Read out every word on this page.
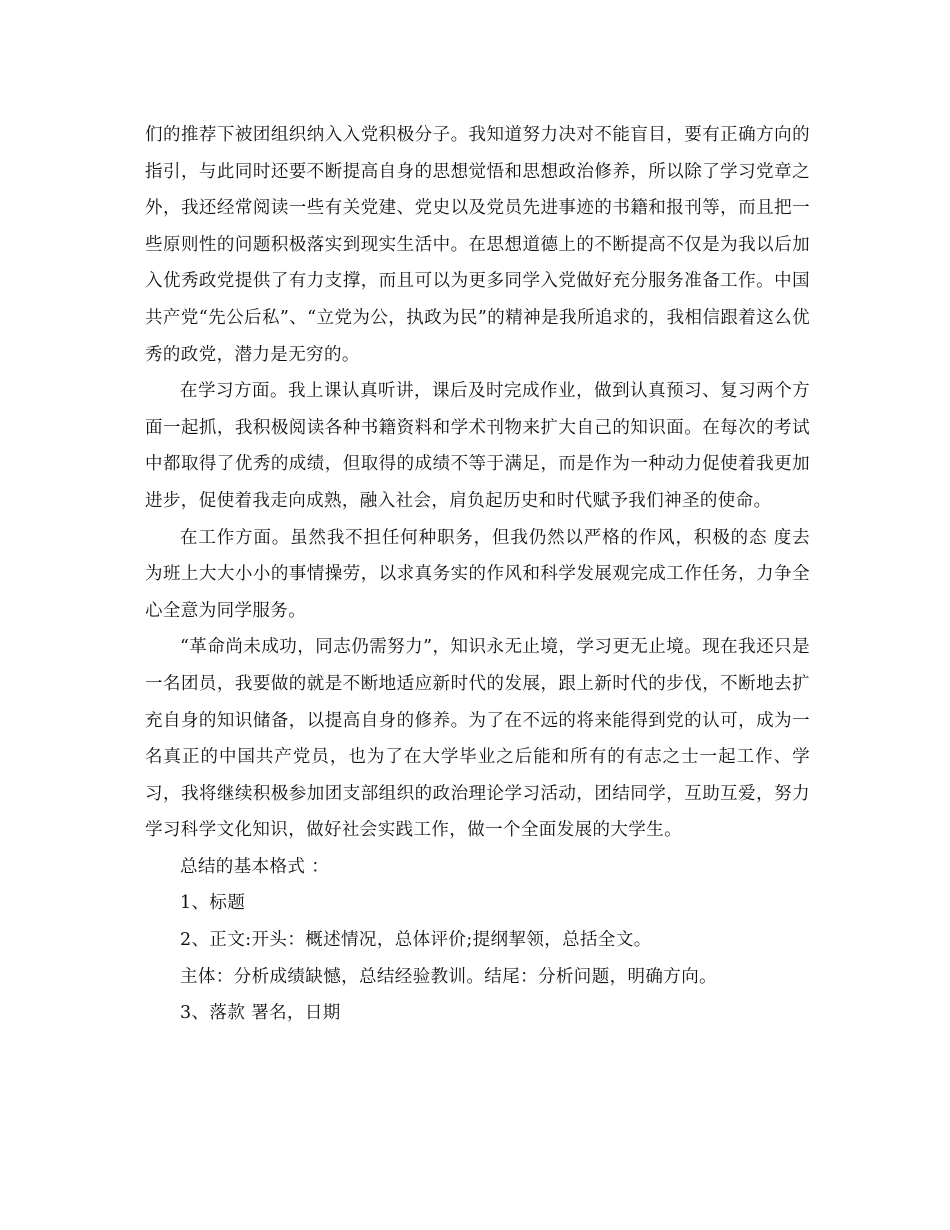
们的推荐下被团组织纳入入党积极分子。我知道努力决对不能盲目，要有正确方向的指引，与此同时还要不断提高自身的思想觉悟和思想政治修养，所以除了学习党章之外，我还经常阅读一些有关党建、党史以及党员先进事迹的书籍和报刊等，而且把一些原则性的问题积极落实到现实生活中。在思想道德上的不断提高不仅是为我以后加入优秀政党提供了有力支撑，而且可以为更多同学入党做好充分服务准备工作。中国共产党“先公后私”、“立党为公，执政为民”的精神是我所追求的，我相信跟着这么优秀的政党，潜力是无穷的。

在学习方面。我上课认真听讲，课后及时完成作业，做到认真预习、复习两个方面一起抓，我积极阅读各种书籍资料和学术刊物来扩大自己的知识面。在每次的考试中都取得了优秀的成绩，但取得的成绩不等于满足，而是作为一种动力促使着我更加进步，促使着我走向成熟，融入社会，肩负起历史和时代赋予我们神圣的使命。

在工作方面。虽然我不担任何种职务，但我仍然以严格的作风，积极的态 度去为班上大大小小的事情操劳，以求真务实的作风和科学发展观完成工作任务，力争全心全意为同学服务。

“革命尚未成功，同志仍需努力”，知识永无止境，学习更无止境。现在我还只是一名团员，我要做的就是不断地适应新时代的发展，跟上新时代的步伐，不断地去扩充自身的知识储备，以提高自身的修养。为了在不远的将来能得到党的认可，成为一名真正的中国共产党员，也为了在大学毕业之后能和所有的有志之士一起工作、学习，我将继续积极参加团支部组织的政治理论学习活动，团结同学，互助互爱，努力学习科学文化知识，做好社会实践工作，做一个全面发展的大学生。

总结的基本格式 ：
1、标题
2、正文:开头：概述情况，总体评价;提纲挈领，总括全文。
主体：分析成绩缺憾，总结经验教训。结尾：分析问题，明确方向。
3、落款 署名，日期
